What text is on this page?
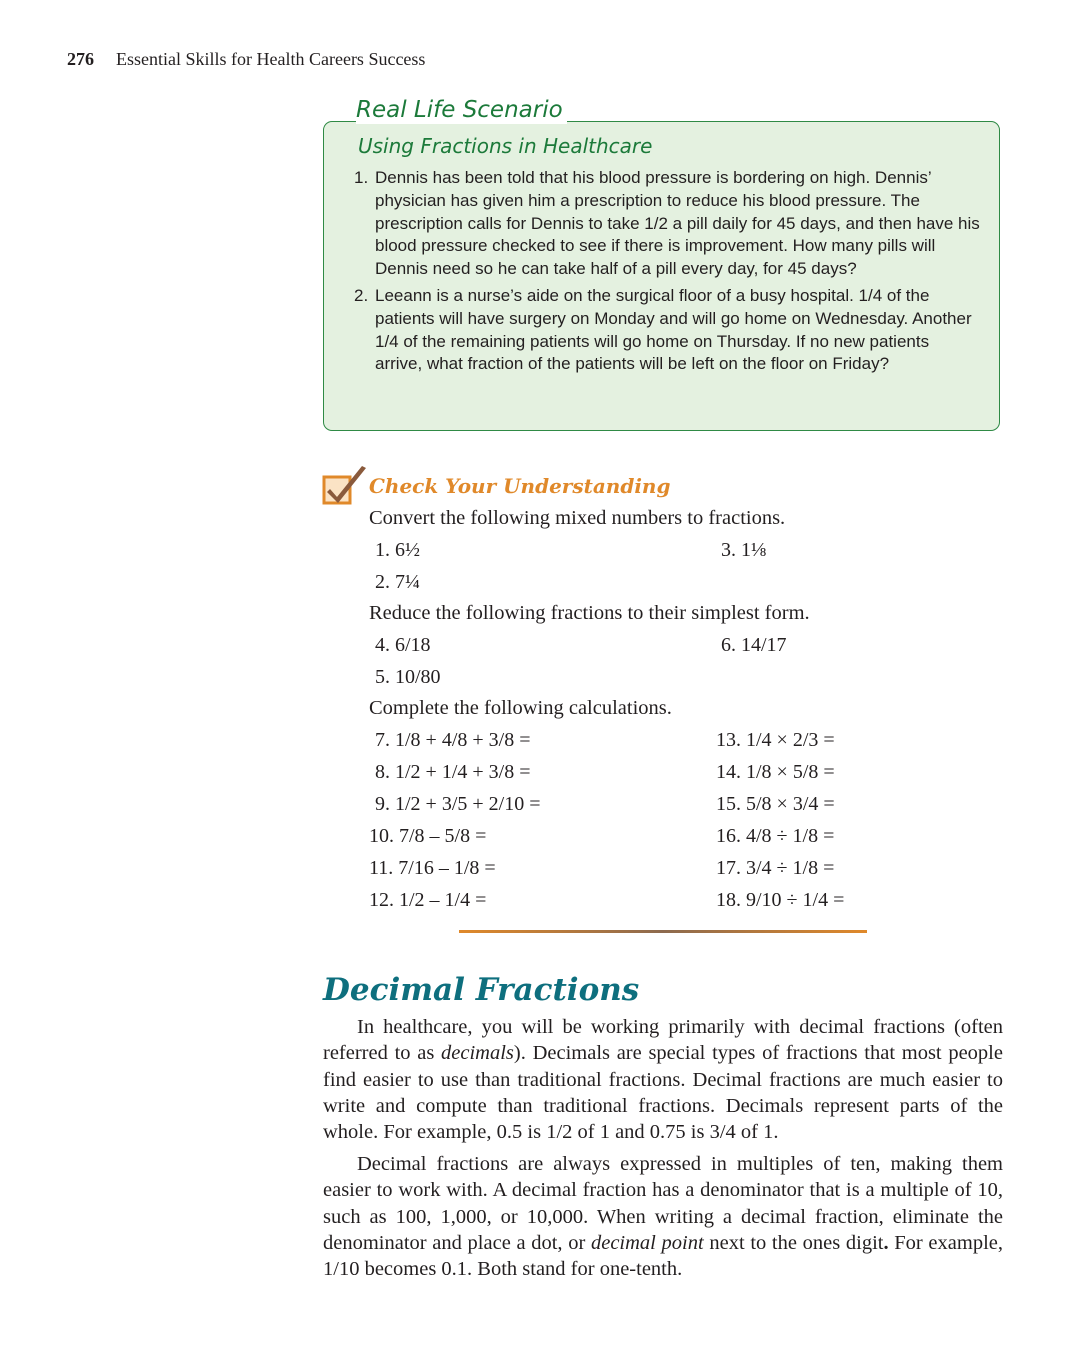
276 Essential Skills for Health Careers Success
Real Life Scenario
Using Fractions in Healthcare
1. Dennis has been told that his blood pressure is bordering on high. Dennis’ physician has given him a prescription to reduce his blood pressure. The prescription calls for Dennis to take 1/2 a pill daily for 45 days, and then have his blood pressure checked to see if there is improvement. How many pills will Dennis need so he can take half of a pill every day, for 45 days?
2. Leeann is a nurse’s aide on the surgical floor of a busy hospital. 1/4 of the patients will have surgery on Monday and will go home on Wednesday. Another 1/4 of the remaining patients will go home on Thursday. If no new patients arrive, what fraction of the patients will be left on the floor on Friday?
Check Your Understanding
Convert the following mixed numbers to fractions.
1. 6½	3. 1⅛
2. 7¼
Reduce the following fractions to their simplest form.
4. 6/18	6. 14/17
5. 10/80
Complete the following calculations.
7. 1/8 + 4/8 + 3/8 =
8. 1/2 + 1/4 + 3/8 =
9. 1/2 + 3/5 + 2/10 =
10. 7/8 – 5/8 =
11. 7/16 – 1/8 =
12. 1/2 – 1/4 =
13. 1/4 × 2/3 =
14. 1/8 × 5/8 =
15. 5/8 × 3/4 =
16. 4/8 ÷ 1/8 =
17. 3/4 ÷ 1/8 =
18. 9/10 ÷ 1/4 =
Decimal Fractions

In healthcare, you will be working primarily with decimal fractions (often referred to as decimals). Decimals are special types of fractions that most people find easier to use than traditional fractions. Decimal fractions are much easier to write and compute than traditional fractions. Decimals represent parts of the whole. For example, 0.5 is 1/2 of 1 and 0.75 is 3/4 of 1.

Decimal fractions are always expressed in multiples of ten, making them easier to work with. A decimal fraction has a denominator that is a multiple of 10, such as 100, 1,000, or 10,000. When writing a decimal fraction, eliminate the denominator and place a dot, or decimal point next to the ones digit. For example, 1/10 becomes 0.1. Both stand for one-tenth.
